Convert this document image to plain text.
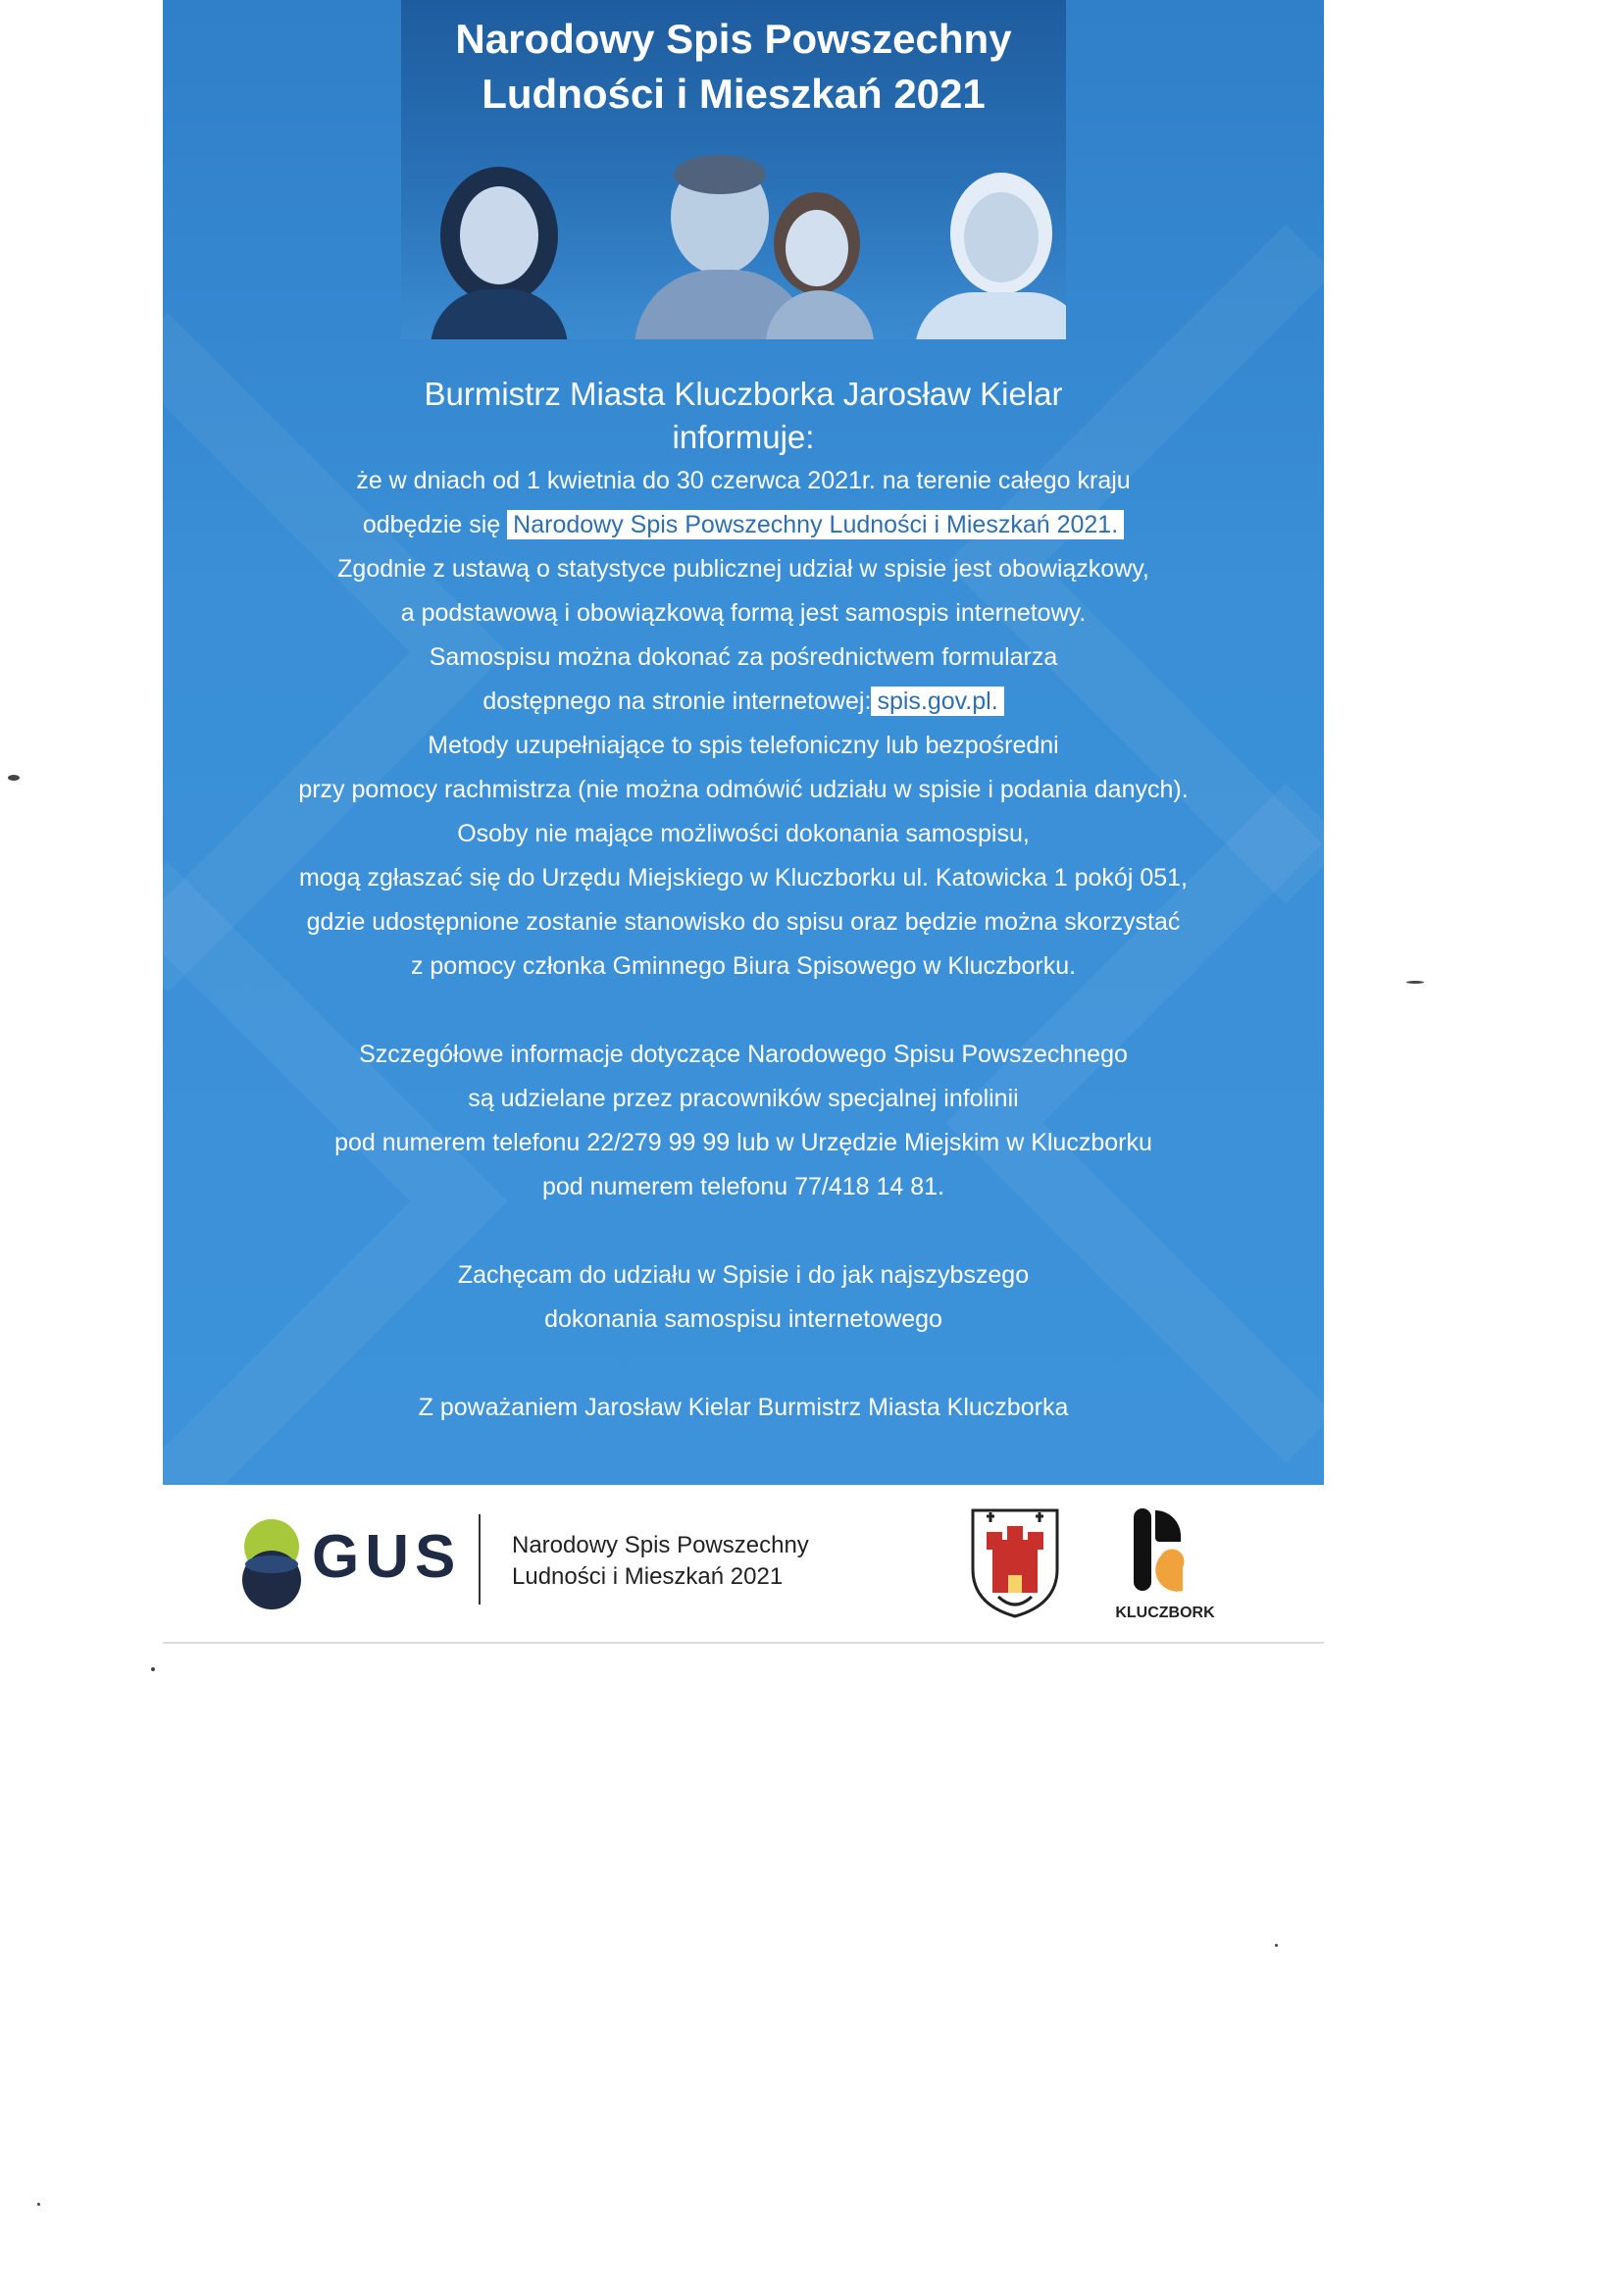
Narodowy Spis Powszechny
Ludności i Mieszkań 2021

Burmistrz Miasta Kluczborka Jarosław Kielar

informuje:

że w dniach od 1 kwietnia do 30 czerwca 2021r. na terenie całego kraju

odbędzie się Narodowy Spis Powszechny Ludności i Mieszkań 2021.

Zgodnie z ustawą o statystyce publicznej udział w spisie jest obowiązkowy,

a podstawową i obowiązkową formą jest samospis internetowy.

Samospisu można dokonać za pośrednictwem formularza

dostępnego na stronie internetowej: spis.gov.pl.

Metody uzupełniające to spis telefoniczny lub bezpośredni

przy pomocy rachmistrza (nie można odmówić udziału w spisie i podania danych).

Osoby nie mające możliwości dokonania samospisu,

mogą zgłaszać się do Urzędu Miejskiego w Kluczborku ul. Katowicka 1 pokój 051,

gdzie udostępnione zostanie stanowisko do spisu oraz będzie można skorzystać

z pomocy członka Gminnego Biura Spisowego w Kluczborku.

Szczegółowe informacje dotyczące Narodowego Spisu Powszechnego

są udzielane przez pracowników specjalnej infolinii

pod numerem telefonu 22/279 99 99 lub w Urzędzie Miejskim w Kluczborku

pod numerem telefonu 77/418 14 81.

Zachęcam do udziału w Spisie i do jak najszybszego

dokonania samospisu internetowego

Z poważaniem Jarosław Kielar Burmistrz Miasta Kluczborka

GUS Narodowy Spis Powszechny
Ludności i Mieszkań 2021
KLUCZBORK
